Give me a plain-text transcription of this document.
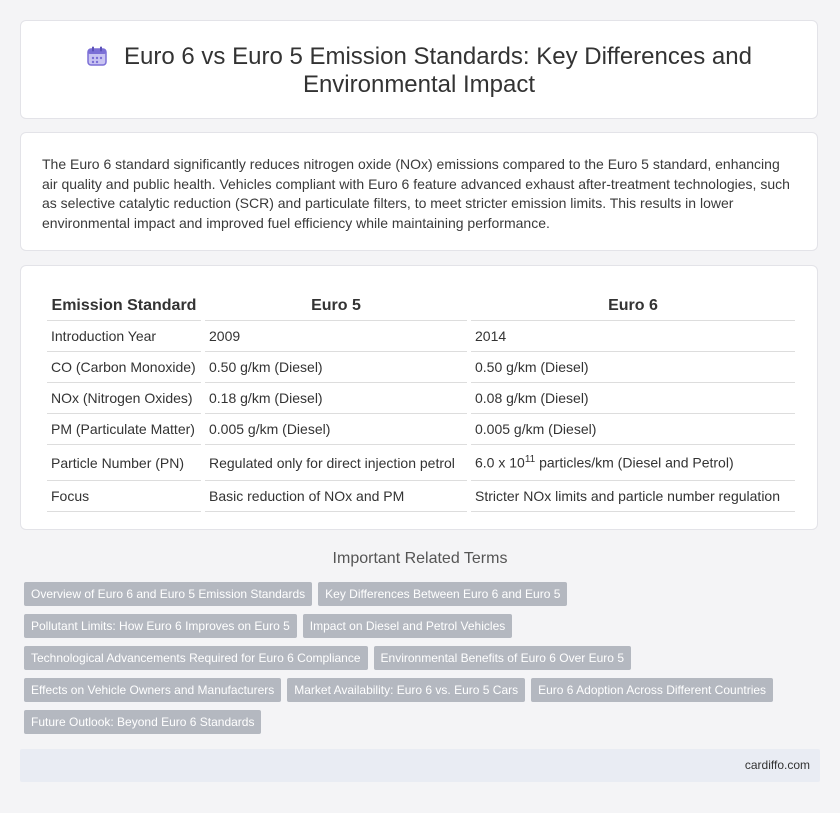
Euro 6 vs Euro 5 Emission Standards: Key Differences and
Environmental Impact
The Euro 6 standard significantly reduces nitrogen oxide (NOx) emissions compared to the Euro 5 standard, enhancing air quality and public health. Vehicles compliant with Euro 6 feature advanced exhaust after-treatment technologies, such as selective catalytic reduction (SCR) and particulate filters, to meet stricter emission limits. This results in lower environmental impact and improved fuel efficiency while maintaining performance.
Emission Standard	Euro 5	Euro 6
Introduction Year	2009	2014
CO (Carbon Monoxide)	0.50 g/km (Diesel)	0.50 g/km (Diesel)
NOx (Nitrogen Oxides)	0.18 g/km (Diesel)	0.08 g/km (Diesel)
PM (Particulate Matter)	0.005 g/km (Diesel)	0.005 g/km (Diesel)
Particle Number (PN)	Regulated only for direct injection petrol	6.0 x $10^{11}$ particles/km (Diesel and Petrol)
Focus	Basic reduction of NOx and PM	Stricter NOx limits and particle number regulation
Important Related Terms
Overview of Euro 6 and Euro 5 Emission Standards Key Differences Between Euro 6 and Euro 5
Pollutant Limits: How Euro 6 Improves on Euro 5 Impact on Diesel and Petrol Vehicles
Technological Advancements Required for Euro 6 Compliance Environmental Benefits of Euro 6 Over Euro 5
Effects on Vehicle Owners and Manufacturers Market Availability: Euro 6 vs. Euro 5 Cars Euro 6 Adoption Across Different Countries
Future Outlook: Beyond Euro 6 Standards
cardiffo.com
